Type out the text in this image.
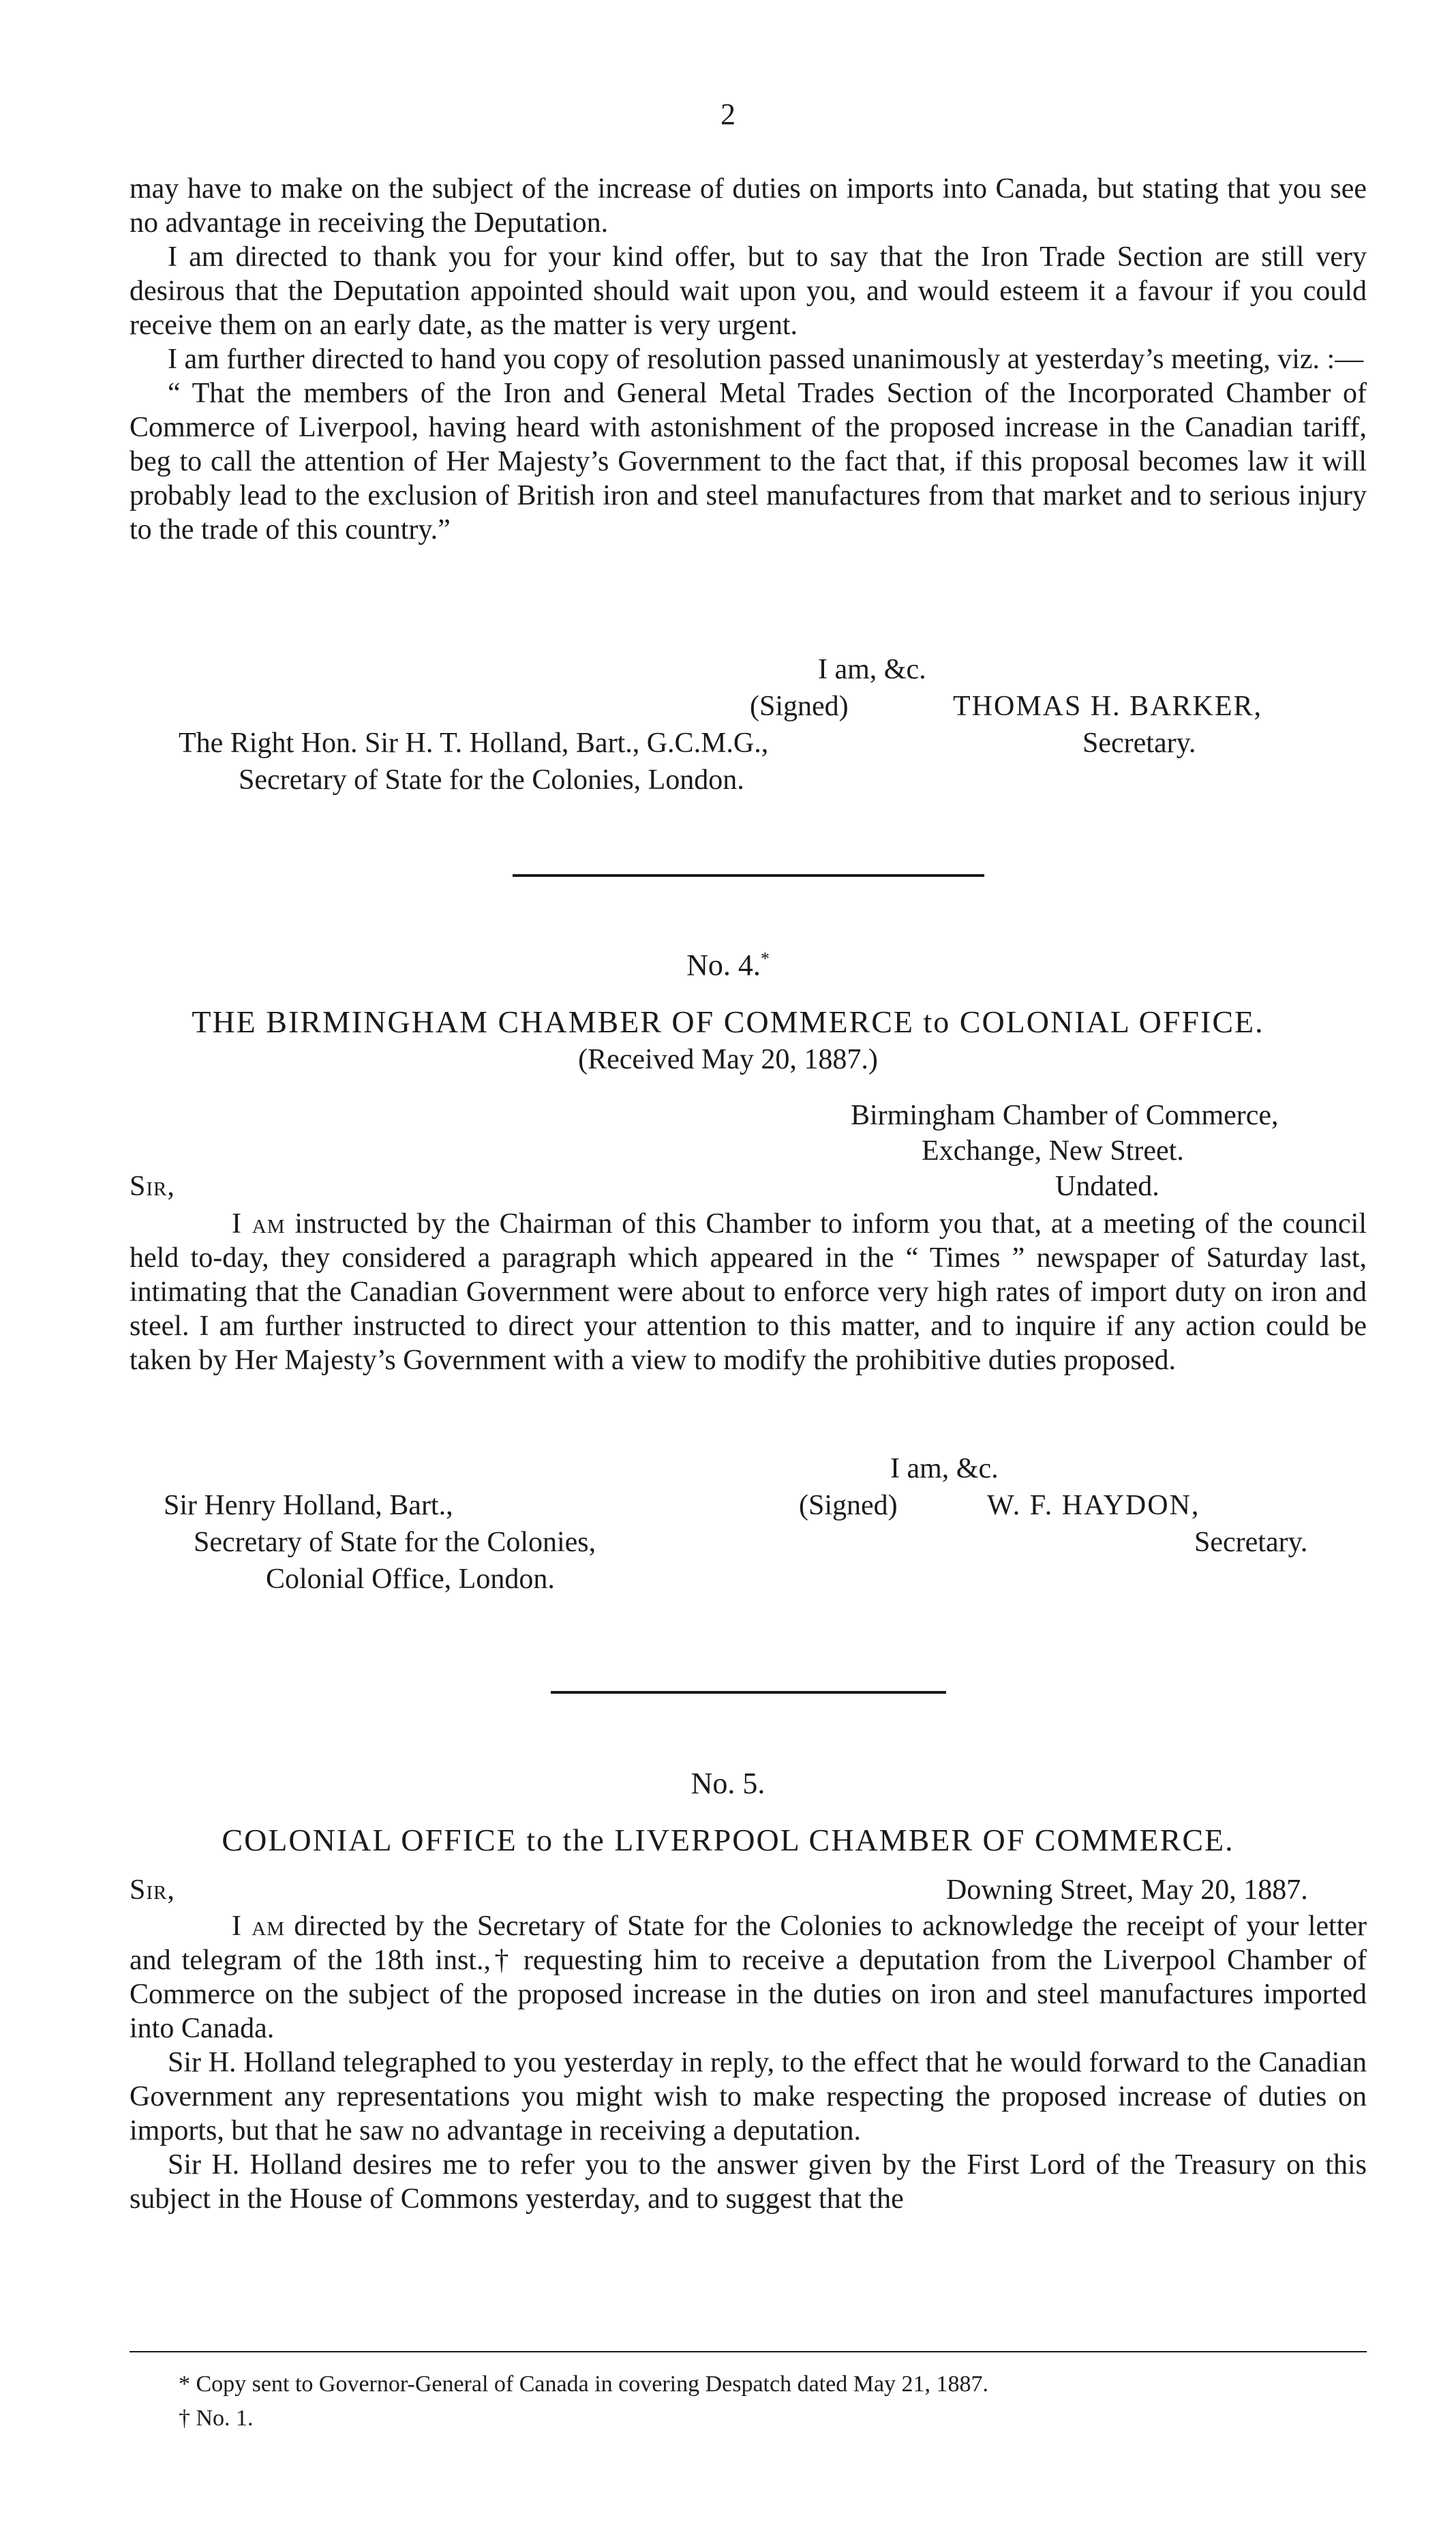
2

may have to make on the subject of the increase of duties on imports into Canada, but stating that you see no advantage in receiving the Deputation.

I am directed to thank you for your kind offer, but to say that the Iron Trade Section are still very desirous that the Deputation appointed should wait upon you, and would esteem it a favour if you could receive them on an early date, as the matter is very urgent.

I am further directed to hand you copy of resolution passed unanimously at yesterday’s meeting, viz. :—

“ That the members of the Iron and General Metal Trades Section of the Incorporated Chamber of Commerce of Liverpool, having heard with astonishment of the proposed increase in the Canadian tariff, beg to call the attention of Her Majesty’s Government to the fact that, if this proposal becomes law it will probably lead to the exclusion of British iron and steel manufactures from that market and to serious injury to the trade of this country.”

I am, &c.
(Signed)	THOMAS H. BARKER,
Secretary.
The Right Hon. Sir H. T. Holland, Bart., G.C.M.G.,
Secretary of State for the Colonies, London.
No. 4.*
THE BIRMINGHAM CHAMBER OF COMMERCE to COLONIAL OFFICE.
(Received May 20, 1887.)
Birmingham Chamber of Commerce,
Exchange, New Street.
Undated.
Sir,

I am instructed by the Chairman of this Chamber to inform you that, at a meeting of the council held to-day, they considered a paragraph which appeared in the “ Times ” newspaper of Saturday last, intimating that the Canadian Government were about to enforce very high rates of import duty on iron and steel. I am further instructed to direct your attention to this matter, and to inquire if any action could be taken by Her Majesty’s Government with a view to modify the prohibitive duties proposed.

I am, &c.
(Signed)	W. F. HAYDON,
Secretary.
Sir Henry Holland, Bart.,
Secretary of State for the Colonies,
Colonial Office, London.
No. 5.
COLONIAL OFFICE to the LIVERPOOL CHAMBER OF COMMERCE.
Sir,	Downing Street, May 20, 1887.

I am directed by the Secretary of State for the Colonies to acknowledge the receipt of your letter and telegram of the 18th inst.,† requesting him to receive a deputation from the Liverpool Chamber of Commerce on the subject of the proposed increase in the duties on iron and steel manufactures imported into Canada.

Sir H. Holland telegraphed to you yesterday in reply, to the effect that he would forward to the Canadian Government any representations you might wish to make respecting the proposed increase of duties on imports, but that he saw no advantage in receiving a deputation.

Sir H. Holland desires me to refer you to the answer given by the First Lord of the Treasury on this subject in the House of Commons yesterday, and to suggest that the

* Copy sent to Governor-General of Canada in covering Despatch dated May 21, 1887.
† No. 1.
